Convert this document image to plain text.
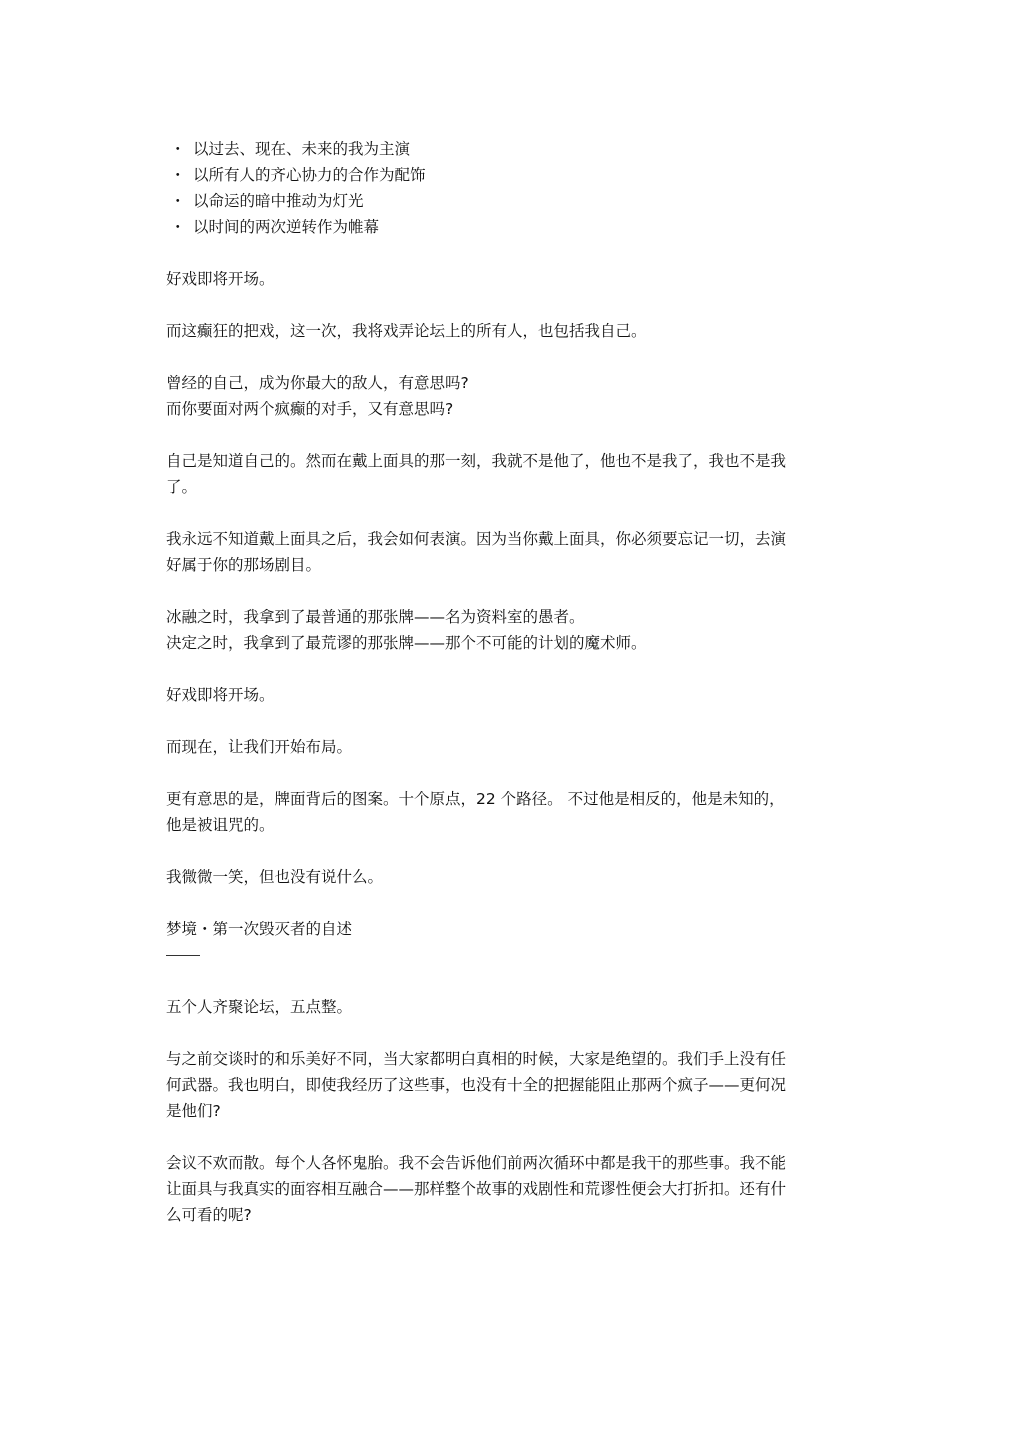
・ 以过去、现在、未来的我为主演
・ 以所有人的齐心协力的合作为配饰
・ 以命运的暗中推动为灯光
・ 以时间的两次逆转作为帷幕

好戏即将开场。

而这癫狂的把戏，这一次，我将戏弄论坛上的所有人，也包括我自己。

曾经的自己，成为你最大的敌人，有意思吗?
而你要面对两个疯癫的对手，又有意思吗?

自己是知道自己的。然而在戴上面具的那一刻，我就不是他了，他也不是我了，我也不是我
了。

我永远不知道戴上面具之后，我会如何表演。因为当你戴上面具，你必须要忘记一切，去演
好属于你的那场剧目。

冰融之时，我拿到了最普通的那张牌——名为资料室的愚者。
决定之时，我拿到了最荒谬的那张牌——那个不可能的计划的魔术师。

好戏即将开场。

而现在，让我们开始布局。

更有意思的是，牌面背后的图案。十个原点，22 个路径。 不过他是相反的，他是未知的，
他是被诅咒的。

我微微一笑，但也没有说什么。

梦境・第一次毁灭者的自述

五个人齐聚论坛，五点整。

与之前交谈时的和乐美好不同，当大家都明白真相的时候，大家是绝望的。我们手上没有任
何武器。我也明白，即使我经历了这些事，也没有十全的把握能阻止那两个疯子——更何况
是他们?

会议不欢而散。每个人各怀鬼胎。我不会告诉他们前两次循环中都是我干的那些事。我不能
让面具与我真实的面容相互融合——那样整个故事的戏剧性和荒谬性便会大打折扣。还有什
么可看的呢?
